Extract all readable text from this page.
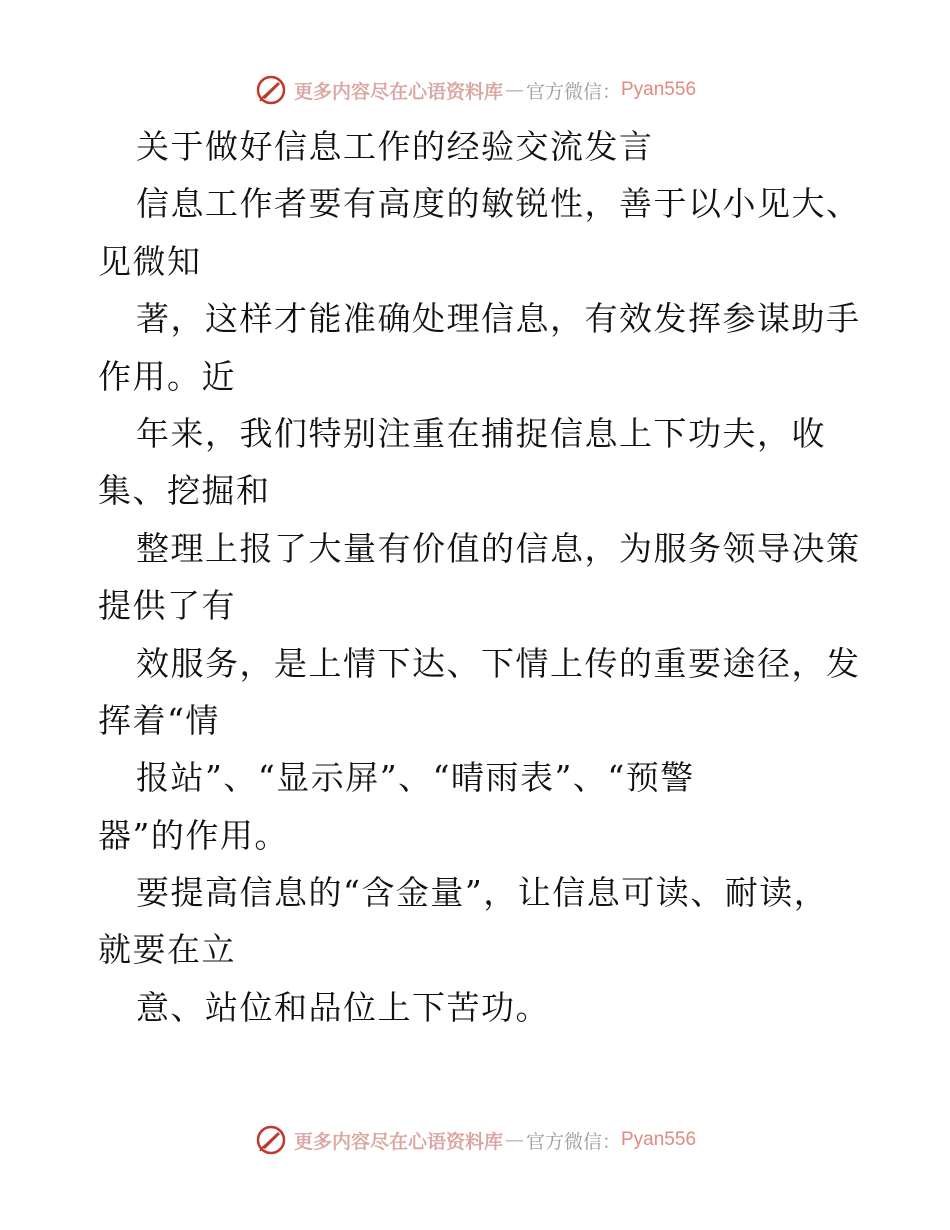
更多内容尽在心语资料库 — 官方微信： Pyan556
关于做好信息工作的经验交流发言
信息工作者要有高度的敏锐性，善于以小见大、
见微知
著，这样才能准确处理信息，有效发挥参谋助手
作用。近
年来，我们特别注重在捕捉信息上下功夫，收
集、挖掘和
整理上报了大量有价值的信息，为服务领导决策
提供了有
效服务，是上情下达、下情上传的重要途径，发
挥着“情
报站”、“显示屏”、“晴雨表”、“预警
器”的作用。
要提高信息的“含金量”，让信息可读、耐读，
就要在立
意、站位和品位上下苦功。
更多内容尽在心语资料库 — 官方微信： Pyan556
